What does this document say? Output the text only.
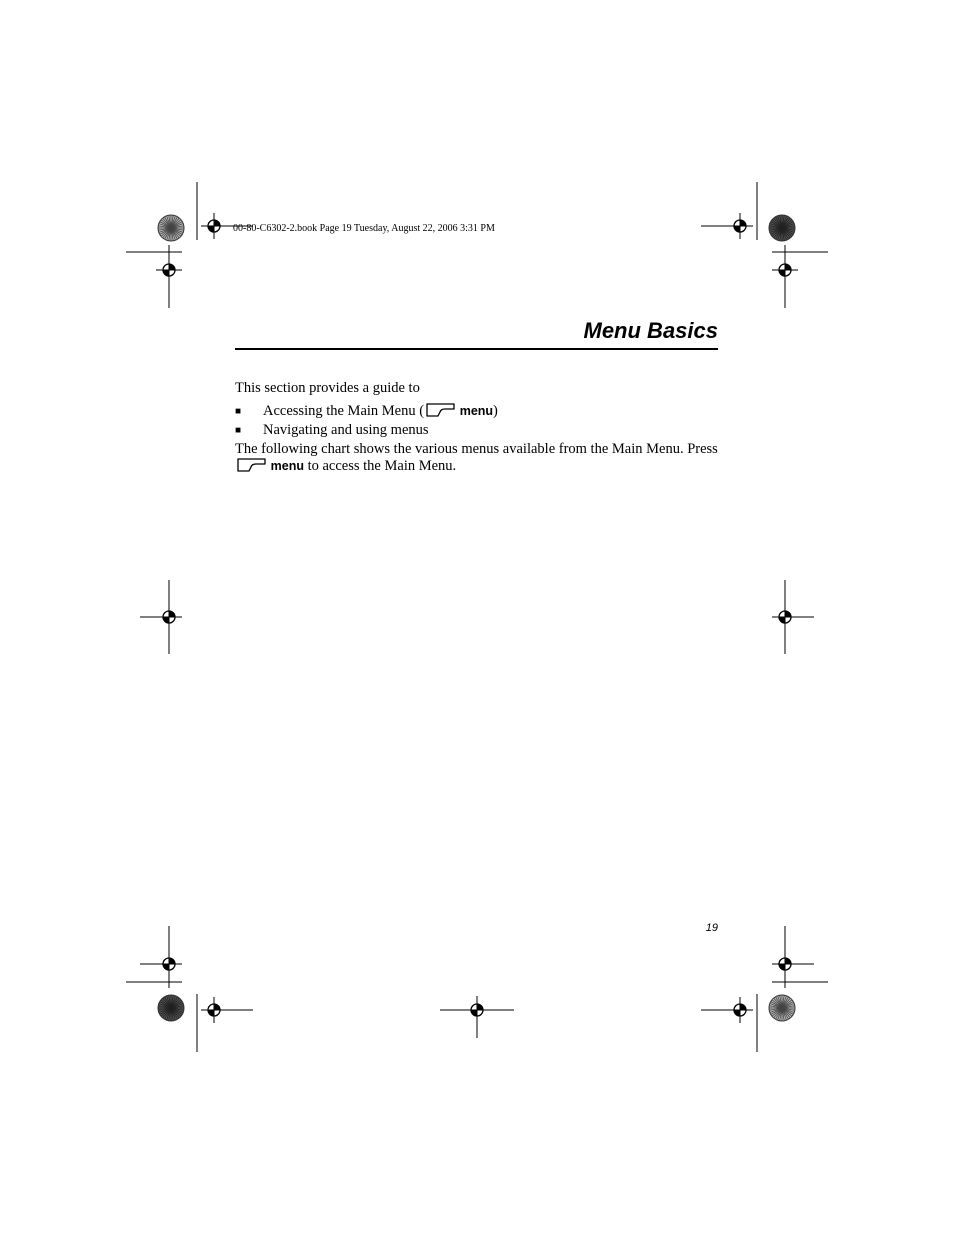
00-80-C6302-2.book Page 19 Tuesday, August 22, 2006 3:31 PM
Menu Basics

This section provides a guide to

■ Accessing the Main Menu (	menu)
■ Navigating and using menus

The following chart shows the various menus available from the Main Menu. Press  menu to access the Main Menu.

19
